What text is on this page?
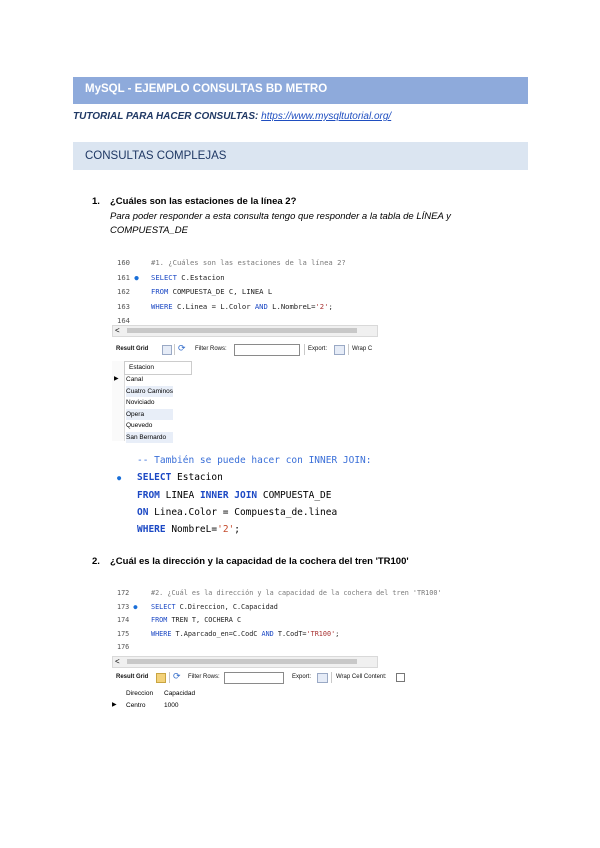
MySQL - EJEMPLO CONSULTAS BD METRO
TUTORIAL PARA HACER CONSULTAS: https://www.mysqltutorial.org/
CONSULTAS COMPLEJAS
1. ¿Cuáles son las estaciones de la línea 2?
Para poder responder a esta consulta tengo que responder a la tabla de LÍNEA y
COMPUESTA_DE
160	#1. ¿Cuáles son las estaciones de la línea 2?
161 ● SELECT C.Estacion
162	FROM COMPUESTA_DE C, LINEA L
163	WHERE C.Linea = L.Color AND L.NombreL='2';
164
<
Result Grid	⟳ Filter Rows:	Export:	Wrap C
Estacion
▶ Canal
Cuatro Caminos
Noviciado
Opera
Quevedo
San Bernardo
-- También se puede hacer con INNER JOIN:
● SELECT Estacion
FROM LINEA INNER JOIN COMPUESTA_DE
ON Linea.Color = Compuesta_de.linea
WHERE NombreL='2';
2. ¿Cuál es la dirección y la capacidad de la cochera del tren 'TR100'
172	#2. ¿Cuál es la dirección y la capacidad de la cochera del tren 'TR100'
173 ● SELECT C.Direccion, C.Capacidad
174	FROM TREN T, COCHERA C
175	WHERE T.Aparcado_en=C.CodC AND T.CodT='TR100';
176
<
Result Grid	⟳ Filter Rows:	Export:	Wrap Cell Content:
Direccion	Capacidad
▶	Centro	1000
